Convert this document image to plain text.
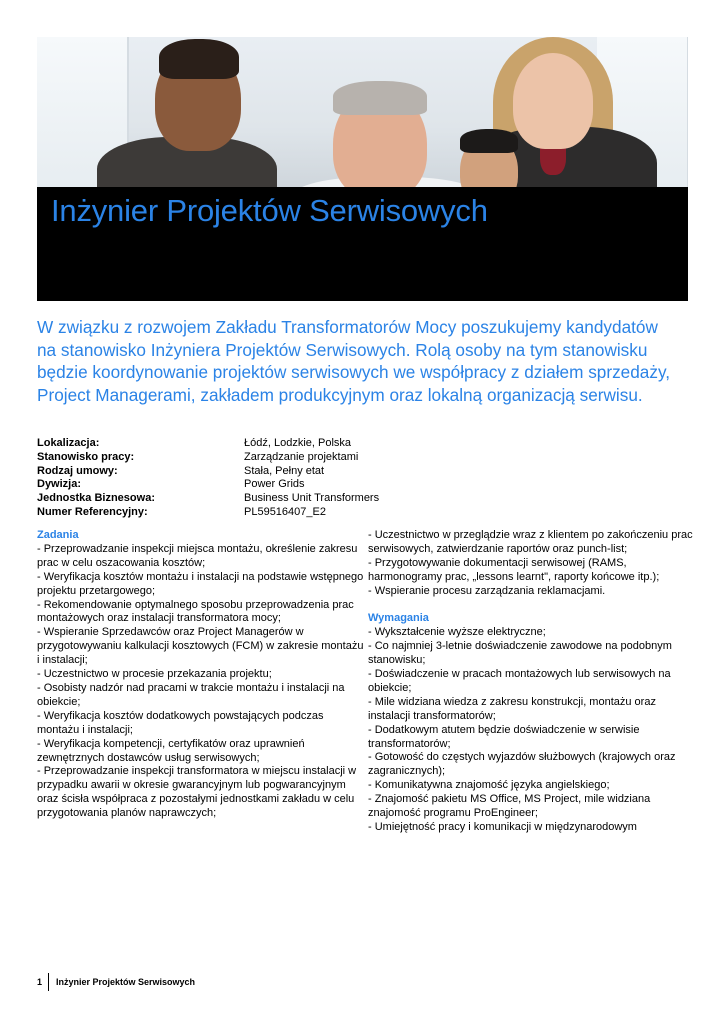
Inżynier Projektów Serwisowych

W związku z rozwojem Zakładu Transformatorów Mocy poszukujemy kandydatów na stanowisko Inżyniera Projektów Serwisowych. Rolą osoby na tym stanowisku będzie koordynowanie projektów serwisowych we współpracy z działem sprzedaży, Project Managerami, zakładem produkcyjnym oraz lokalną organizacją serwisu.

Lokalizacja:	Łódź, Lodzkie, Polska
Stanowisko pracy:	Zarządzanie projektami
Rodzaj umowy:	Stała, Pełny etat
Dywizja:	Power Grids
Jednostka Biznesowa:	Business Unit Transformers
Numer Referencyjny:	PL59516407_E2

Zadania

- Przeprowadzanie inspekcji miejsca montażu, określenie zakresu prac w celu oszacowania kosztów;

- Weryfikacja kosztów montażu i instalacji na podstawie wstępnego projektu przetargowego;

- Rekomendowanie optymalnego sposobu przeprowadzenia prac montażowych oraz instalacji transformatora mocy;

- Wspieranie Sprzedawców oraz Project Managerów w przygotowywaniu kalkulacji kosztowych (FCM) w zakresie montażu i instalacji;

- Uczestnictwo w procesie przekazania projektu;

- Osobisty nadzór nad pracami w trakcie montażu i instalacji na obiekcie;

- Weryfikacja kosztów dodatkowych powstających podczas montażu i instalacji;

- Weryfikacja kompetencji, certyfikatów oraz uprawnień zewnętrznych dostawców usług serwisowych;

- Przeprowadzanie inspekcji transformatora w miejscu instalacji w przypadku awarii w okresie gwarancyjnym lub pogwarancyjnym oraz ścisła współpraca z pozostałymi jednostkami zakładu w celu przygotowania planów naprawczych;

- Uczestnictwo w przeglądzie wraz z klientem po zakończeniu prac serwisowych, zatwierdzanie raportów oraz punch-list;

- Przygotowywanie dokumentacji serwisowej (RAMS, harmonogramy prac, „lessons learnt", raporty końcowe itp.);

- Wspieranie procesu zarządzania reklamacjami.

Wymagania

- Wykształcenie wyższe elektryczne;

- Co najmniej 3-letnie doświadczenie zawodowe na podobnym stanowisku;

- Doświadczenie w pracach montażowych lub serwisowych na obiekcie;

- Mile widziana wiedza z zakresu konstrukcji, montażu oraz instalacji transformatorów;

- Dodatkowym atutem będzie doświadczenie w serwisie transformatorów;

- Gotowość do częstych wyjazdów służbowych (krajowych oraz zagranicznych);

- Komunikatywna znajomość języka angielskiego;

- Znajomość pakietu MS Office, MS Project, mile widziana znajomość programu ProEngineer;

- Umiejętność pracy i komunikacji w międzynarodowym

1 Inżynier Projektów Serwisowych
